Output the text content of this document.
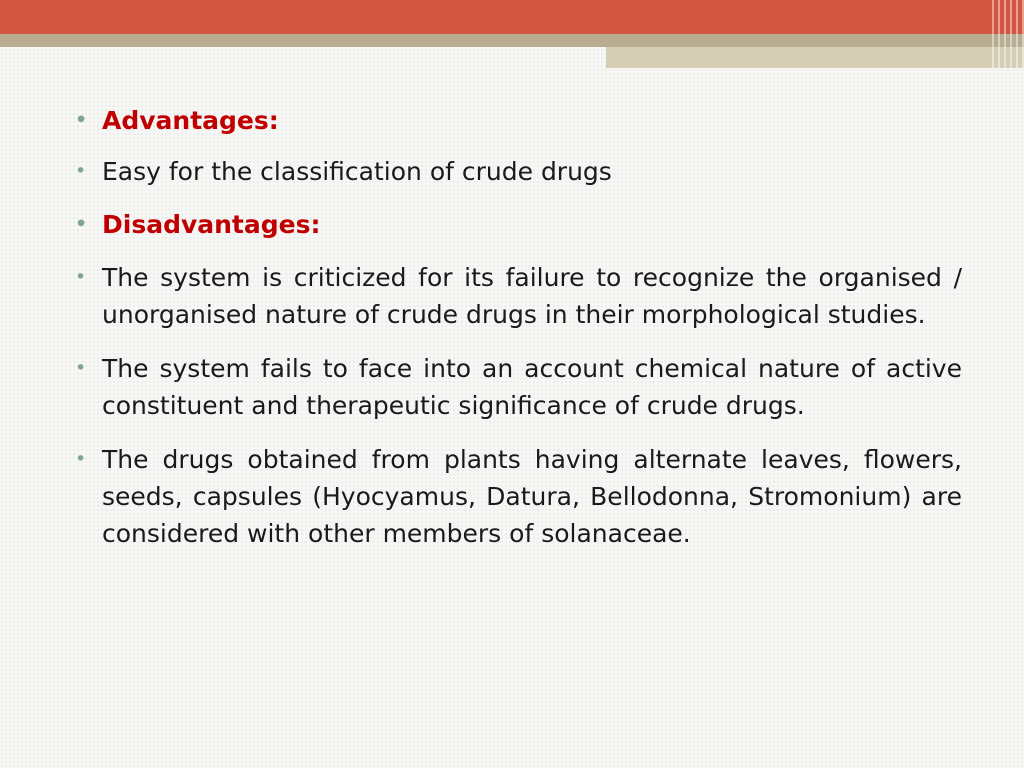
• Advantages:
• Easy for the classification of crude drugs
• Disadvantages:
• The system is criticized for its failure to recognize the organised / unorganised nature of crude drugs in their morphological studies.
• The system fails to face into an account chemical nature of active constituent and therapeutic significance of crude drugs.
• The drugs obtained from plants having alternate leaves, flowers, seeds, capsules (Hyocyamus, Datura, Bellodonna, Stromonium) are considered with other members of solanaceae.
